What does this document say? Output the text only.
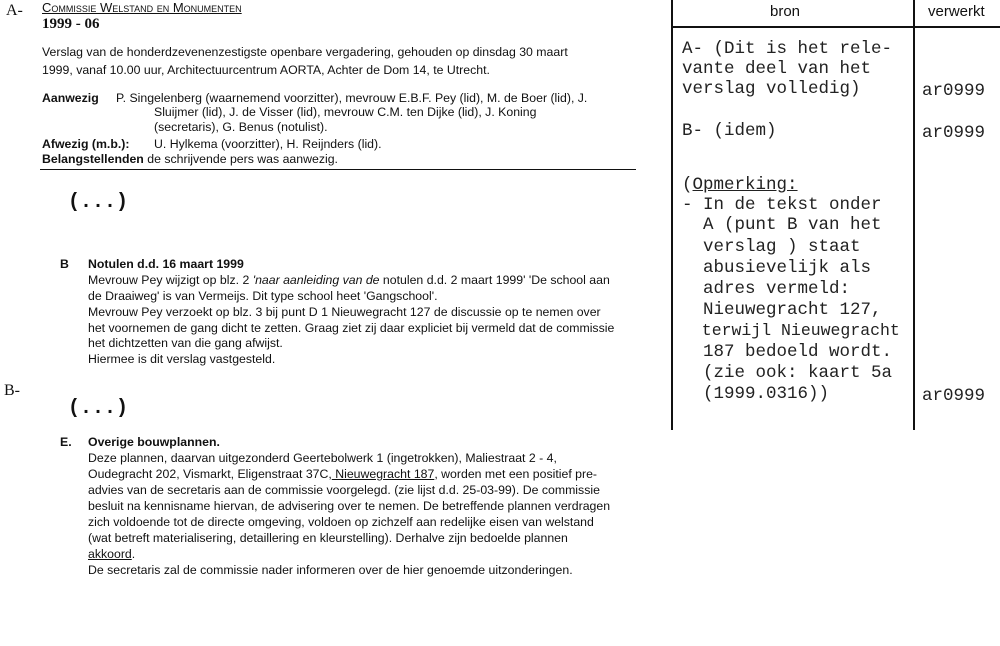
A- Commissie Welstand en Monumenten
1999 - 06
Verslag van de honderdzevenenzestigste openbare vergadering, gehouden op dinsdag 30 maart
1999, vanaf 10.00 uur, Architectuurcentrum AORTA, Achter de Dom 14, te Utrecht.
Aanwezig P. Singelenberg (waarnemend voorzitter), mevrouw E.B.F. Pey (lid), M. de Boer (lid), J.
Sluijmer (lid), J. de Visser (lid), mevrouw C.M. ten Dijke (lid), J. Koning
(secretaris), G. Benus (notulist).
Afwezig (m.b.): U. Hylkema (voorzitter), H. Reijnders (lid).
Belangstellenden de schrijvende pers was aanwezig.
(...)
B Notulen d.d. 16 maart 1999
Mevrouw Pey wijzigt op blz. 2 'naar aanleiding van de notulen d.d. 2 maart 1999' 'De school aan
de Draaiweg' is van Vermeijs. Dit type school heet 'Gangschool'.
Mevrouw Pey verzoekt op blz. 3 bij punt D 1 Nieuwegracht 127 de discussie op te nemen over
het voornemen de gang dicht te zetten. Graag ziet zij daar expliciet bij vermeld dat de commissie
het dichtzetten van die gang afwijst.
Hiermee is dit verslag vastgesteld.
B-
(...)
E. Overige bouwplannen.
Deze plannen, daarvan uitgezonderd Geertebolwerk 1 (ingetrokken), Maliestraat 2 - 4,
Oudegracht 202, Vismarkt, Eligenstraat 37C, Nieuwegracht 187, worden met een positief pre-
advies van de secretaris aan de commissie voorgelegd. (zie lijst d.d. 25-03-99). De commissie
besluit na kennisname hiervan, de advisering over te nemen. De betreffende plannen verdragen
zich voldoende tot de directe omgeving, voldoen op zichzelf aan redelijke eisen van welstand
(wat betreft materialisering, detaillering en kleurstelling). Derhalve zijn bedoelde plannen
akkoord.
De secretaris zal de commissie nader informeren over de hier genoemde uitzonderingen.
bron	verwerkt
A- (Dit is het rele-
vante deel van het
verslag volledig)	ar0999
B- (idem)	ar0999
(Opmerking:
- In de tekst onder
A (punt B van het
verslag ) staat
abusievelijk als
adres vermeld:
Nieuwegracht 127,
terwijl Nieuwegracht
187 bedoeld wordt.
(zie ook: kaart 5a
(1999.0316))	ar0999
